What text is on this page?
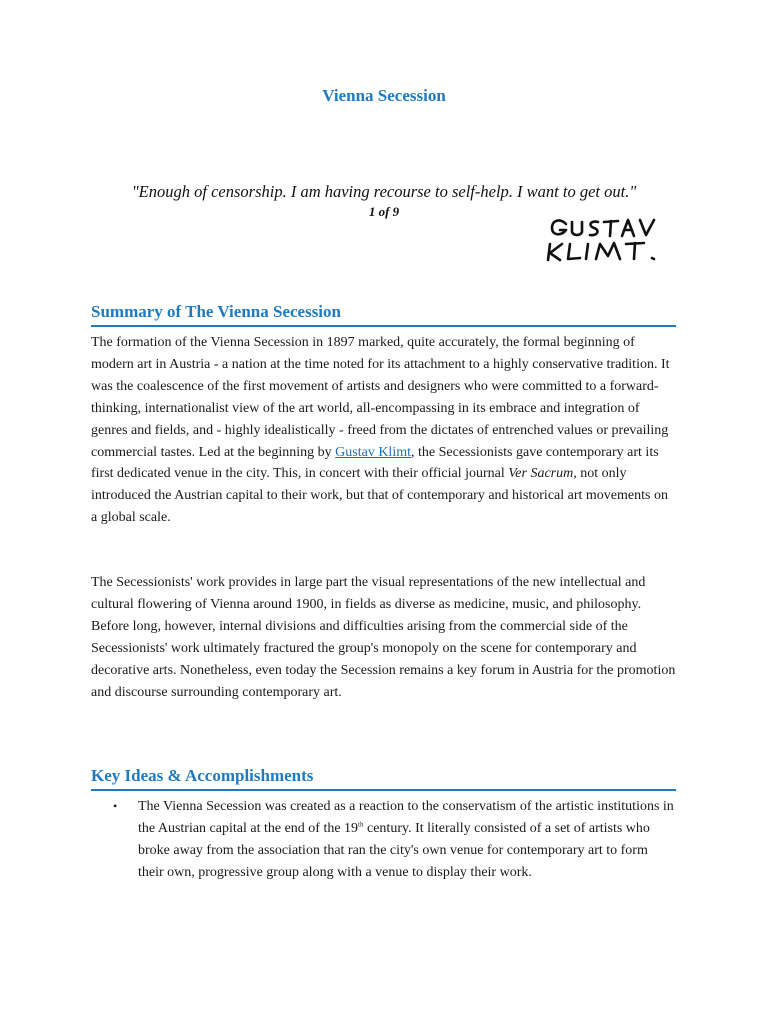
Vienna Secession
"Enough of censorship. I am having recourse to self-help. I want to get out."
1 of 9	GUSTAV KLIMT.
Summary of The Vienna Secession

The formation of the Vienna Secession in 1897 marked, quite accurately, the formal beginning of modern art in Austria - a nation at the time noted for its attachment to a highly conservative tradition. It was the coalescence of the first movement of artists and designers who were committed to a forward-thinking, internationalist view of the art world, all-encompassing in its embrace and integration of genres and fields, and - highly idealistically - freed from the dictates of entrenched values or prevailing commercial tastes. Led at the beginning by Gustav Klimt, the Secessionists gave contemporary art its first dedicated venue in the city. This, in concert with their official journal Ver Sacrum, not only introduced the Austrian capital to their work, but that of contemporary and historical art movements on a global scale.

The Secessionists' work provides in large part the visual representations of the new intellectual and cultural flowering of Vienna around 1900, in fields as diverse as medicine, music, and philosophy. Before long, however, internal divisions and difficulties arising from the commercial side of the Secessionists' work ultimately fractured the group's monopoly on the scene for contemporary and decorative arts. Nonetheless, even today the Secession remains a key forum in Austria for the promotion and discourse surrounding contemporary art.

Key Ideas & Accomplishments
• The Vienna Secession was created as a reaction to the conservatism of the artistic institutions in the Austrian capital at the end of the 19th century. It literally consisted of a set of artists who broke away from the association that ran the city's own venue for contemporary art to form their own, progressive group along with a venue to display their work.
